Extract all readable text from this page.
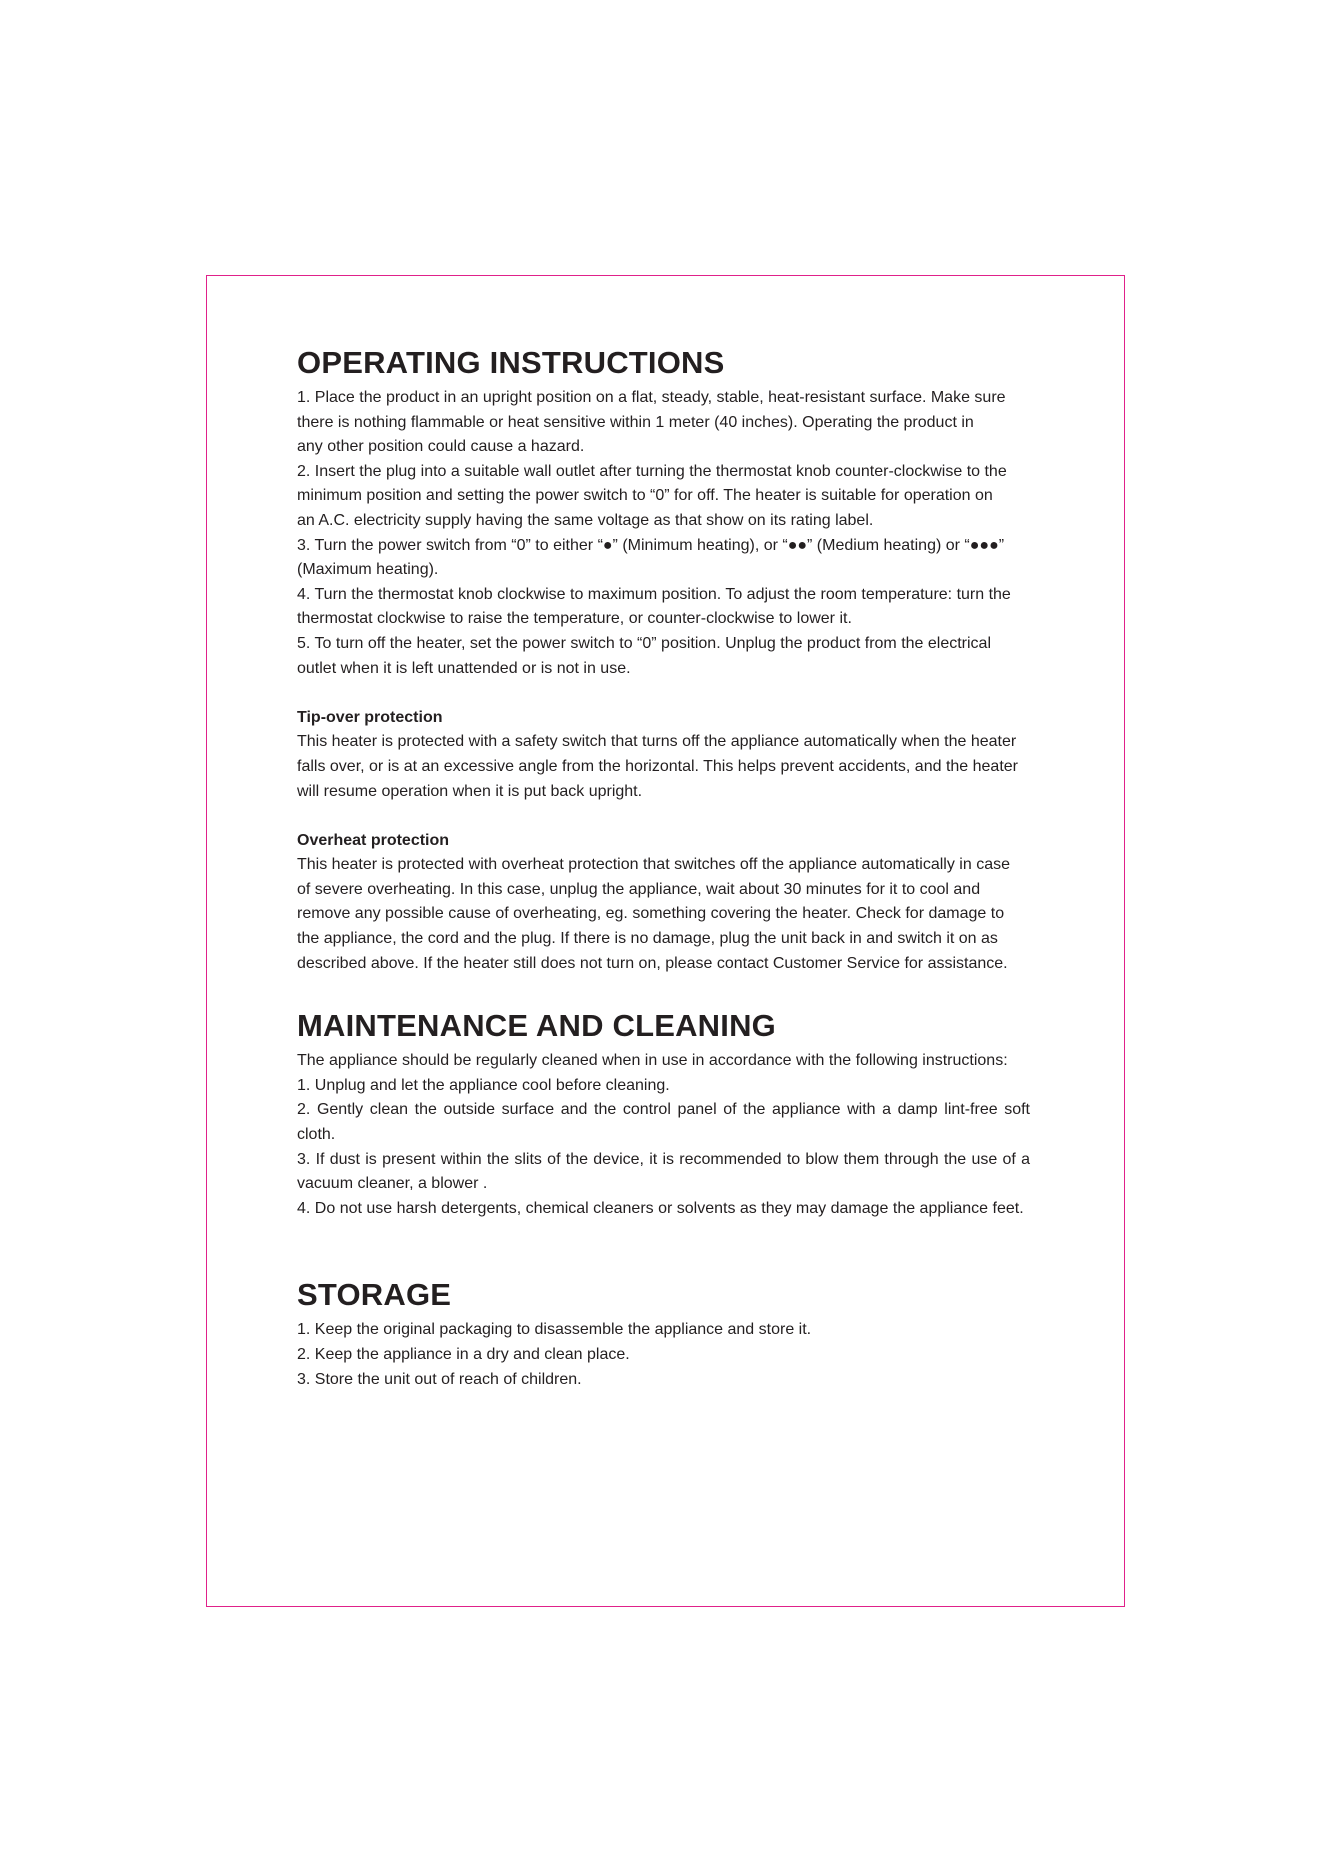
OPERATING INSTRUCTIONS

1. Place the product in an upright position on a flat, steady, stable, heat-resistant surface. Make sure

there is nothing flammable or heat sensitive within 1 meter (40 inches). Operating the product in

any other position could cause a hazard.

2. Insert the plug into a suitable wall outlet after turning the thermostat knob counter-clockwise to the

minimum position and setting the power switch to “0” for off. The heater is suitable for operation on

an A.C. electricity supply having the same voltage as that show on its rating label.

3. Turn the power switch from “0” to either “●” (Minimum heating), or “●●” (Medium heating) or “●●●”

(Maximum heating).

4. Turn the thermostat knob clockwise to maximum position. To adjust the room temperature: turn the

thermostat clockwise to raise the temperature, or counter-clockwise to lower it.

5. To turn off the heater, set the power switch to “0” position. Unplug the product from the electrical

outlet when it is left unattended or is not in use.

Tip-over protection

This heater is protected with a safety switch that turns off the appliance automatically when the heater

falls over, or is at an excessive angle from the horizontal. This helps prevent accidents, and the heater

will resume operation when it is put back upright.

Overheat protection

This heater is protected with overheat protection that switches off the appliance automatically in case

of severe overheating. In this case, unplug the appliance, wait about 30 minutes for it to cool and

remove any possible cause of overheating, eg. something covering the heater. Check for damage to

the appliance, the cord and the plug. If there is no damage, plug the unit back in and switch it on as

described above. If the heater still does not turn on, please contact Customer Service for assistance.

MAINTENANCE AND CLEANING

The appliance should be regularly cleaned when in use in accordance with the following instructions:

1. Unplug and let the appliance cool before cleaning.

2. Gently clean the outside surface and the control panel of the appliance with a damp lint-free soft cloth.

3. If dust is present within the slits of the device, it is recommended to blow them through the use of a vacuum cleaner, a blower .

4. Do not use harsh detergents, chemical cleaners or solvents as they may damage the appliance feet.

STORAGE

1. Keep the original packaging to disassemble the appliance and store it.

2. Keep the appliance in a dry and clean place.

3. Store the unit out of reach of children.
